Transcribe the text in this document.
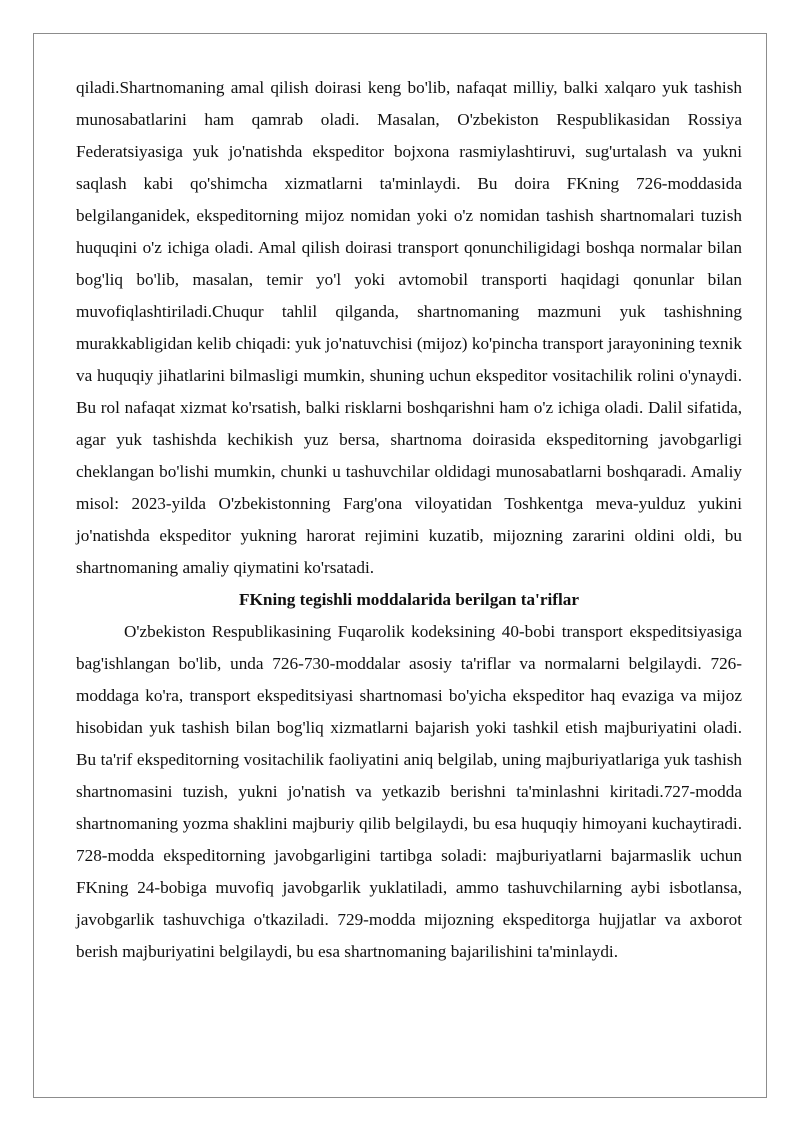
qiladi.Shartnomaning amal qilish doirasi keng bo'lib, nafaqat milliy, balki xalqaro yuk tashish munosabatlarini ham qamrab oladi. Masalan, O'zbekiston Respublikasidan Rossiya Federatsiyasiga yuk jo'natishda ekspeditor bojxona rasmiylashtiruvi, sug'urtalash va yukni saqlash kabi qo'shimcha xizmatlarni ta'minlaydi. Bu doira FKning 726-moddasida belgilanganidek, ekspeditorning mijoz nomidan yoki o'z nomidan tashish shartnomalari tuzish huquqini o'z ichiga oladi. Amal qilish doirasi transport qonunchiligidagi boshqa normalar bilan bog'liq bo'lib, masalan, temir yo'l yoki avtomobil transporti haqidagi qonunlar bilan muvofiqlashtiriladi.Chuqur tahlil qilganda, shartnomaning mazmuni yuk tashishning murakkabligidan kelib chiqadi: yuk jo'natuvchisi (mijoz) ko'pincha transport jarayonining texnik va huquqiy jihatlarini bilmasligi mumkin, shuning uchun ekspeditor vositachilik rolini o'ynaydi. Bu rol nafaqat xizmat ko'rsatish, balki risklarni boshqarishni ham o'z ichiga oladi. Dalil sifatida, agar yuk tashishda kechikish yuz bersa, shartnoma doirasida ekspeditorning javobgarligi cheklangan bo'lishi mumkin, chunki u tashuvchilar oldidagi munosabatlarni boshqaradi. Amaliy misol: 2023-yilda O'zbekistonning Farg'ona viloyatidan Toshkentga meva-yulduz yukini jo'natishda ekspeditor yukning harorat rejimini kuzatib, mijozning zararini oldini oldi, bu shartnomaning amaliy qiymatini ko'rsatadi.

FKning tegishli moddalarida berilgan ta'riflar

O'zbekiston Respublikasining Fuqarolik kodeksining 40-bobi transport ekspeditsiyasiga bag'ishlangan bo'lib, unda 726-730-moddalar asosiy ta'riflar va normalarni belgilaydi. 726-moddaga ko'ra, transport ekspeditsiyasi shartnomasi bo'yicha ekspeditor haq evaziga va mijoz hisobidan yuk tashish bilan bog'liq xizmatlarni bajarish yoki tashkil etish majburiyatini oladi. Bu ta'rif ekspeditorning vositachilik faoliyatini aniq belgilab, uning majburiyatlariga yuk tashish shartnomasini tuzish, yukni jo'natish va yetkazib berishni ta'minlashni kiritadi.727-modda shartnomaning yozma shaklini majburiy qilib belgilaydi, bu esa huquqiy himoyani kuchaytiradi. 728-modda ekspeditorning javobgarligini tartibga soladi: majburiyatlarni bajarmaslik uchun FKning 24-bobiga muvofiq javobgarlik yuklatiladi, ammo tashuvchilarning aybi isbotlansa, javobgarlik tashuvchiga o'tkaziladi. 729-modda mijozning ekspeditorga hujjatlar va axborot berish majburiyatini belgilaydi, bu esa shartnomaning bajarilishini ta'minlaydi.
